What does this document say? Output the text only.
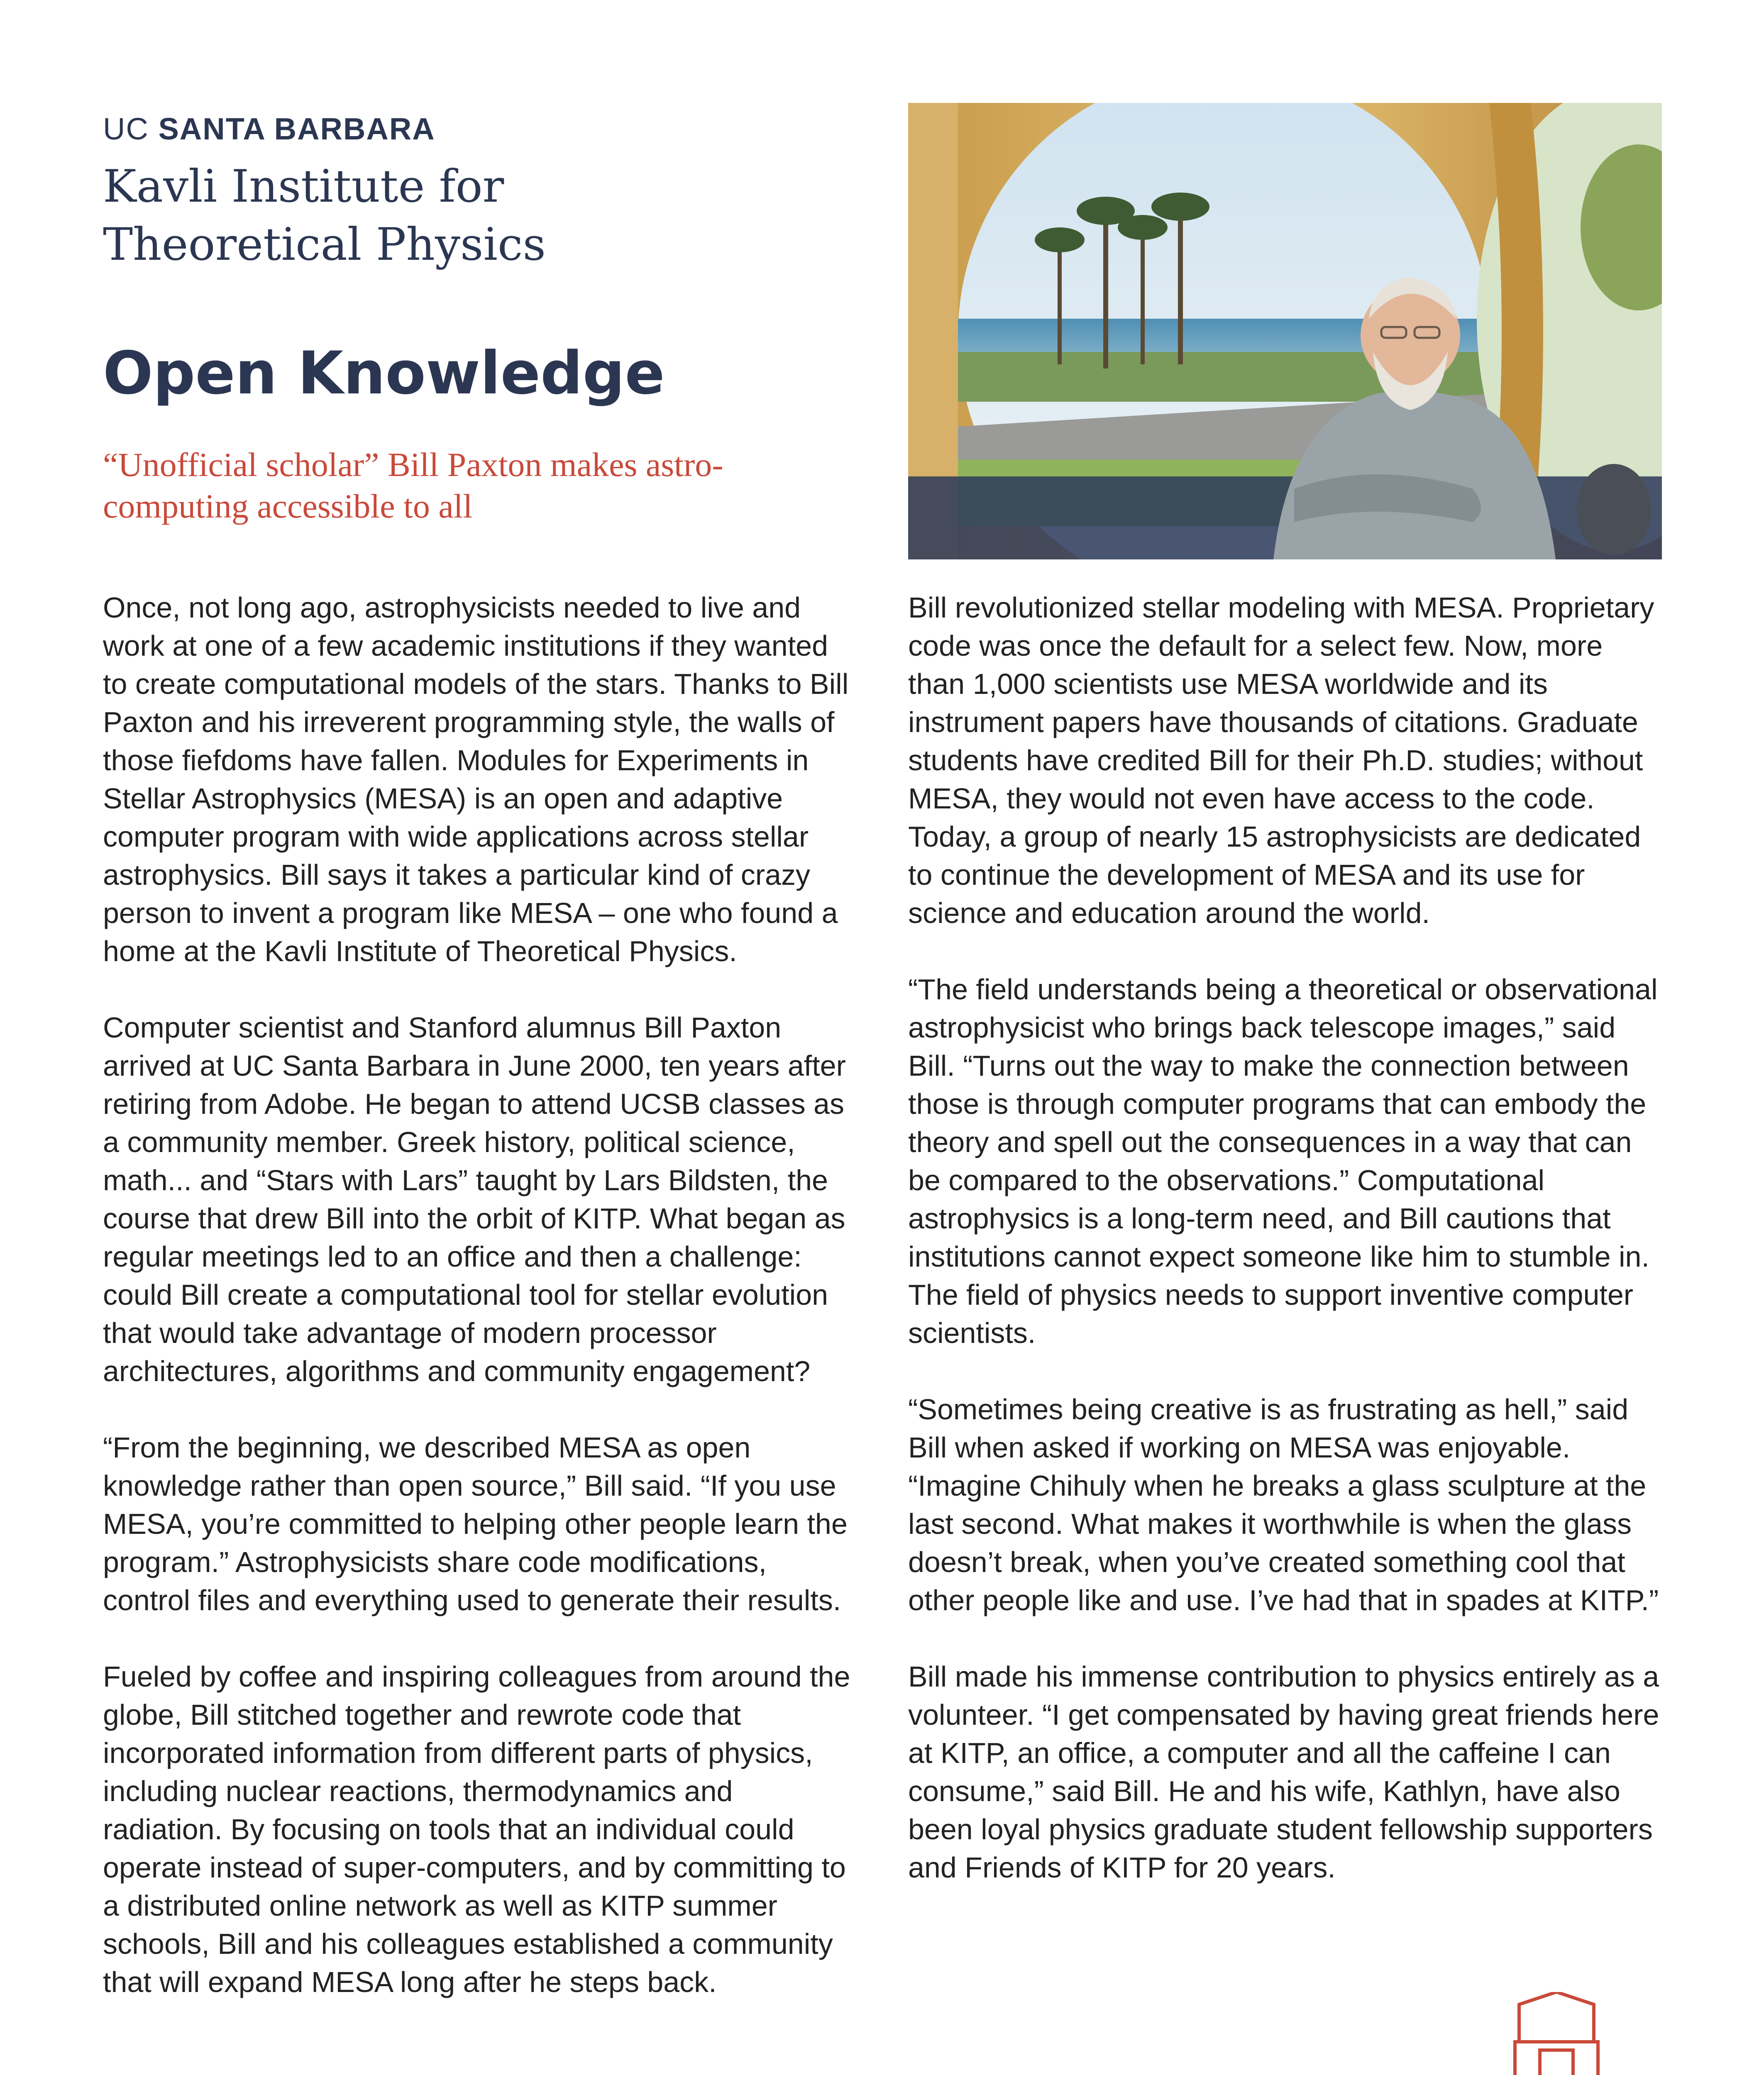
UC SANTA BARBARA
Kavli Institute for
Theoretical Physics
Open Knowledge

“Unofficial scholar” Bill Paxton makes astro-computing accessible to all

Once, not long ago, astrophysicists needed to live and work at one of a few academic institutions if they wanted to create computational models of the stars. Thanks to Bill Paxton and his irreverent programming style, the walls of those fiefdoms have fallen. Modules for Experiments in Stellar Astrophysics (MESA) is an open and adaptive computer program with wide applications across stellar astrophysics. Bill says it takes a particular kind of crazy person to invent a program like MESA – one who found a home at the Kavli Institute of Theoretical Physics.

Computer scientist and Stanford alumnus Bill Paxton arrived at UC Santa Barbara in June 2000, ten years after retiring from Adobe. He began to attend UCSB classes as a community member. Greek history, political science, math... and “Stars with Lars” taught by Lars Bildsten, the course that drew Bill into the orbit of KITP. What began as regular meetings led to an office and then a challenge: could Bill create a computational tool for stellar evolution that would take advantage of modern processor architectures, algorithms and community engagement?

“From the beginning, we described MESA as open knowledge rather than open source,” Bill said. “If you use MESA, you’re committed to helping other people learn the program.” Astrophysicists share code modifications, control files and everything used to generate their results.

Fueled by coffee and inspiring colleagues from around the globe, Bill stitched together and rewrote code that incorporated information from different parts of physics, including nuclear reactions, thermodynamics and radiation. By focusing on tools that an individual could operate instead of super-computers, and by committing to a distributed online network as well as KITP summer schools, Bill and his colleagues established a community that will expand MESA long after he steps back.

Bill revolutionized stellar modeling with MESA. Proprietary code was once the default for a select few. Now, more than 1,000 scientists use MESA worldwide and its instrument papers have thousands of citations. Graduate students have credited Bill for their Ph.D. studies; without MESA, they would not even have access to the code. Today, a group of nearly 15 astrophysicists are dedicated to continue the development of MESA and its use for science and education around the world.

“The field understands being a theoretical or observational astrophysicist who brings back telescope images,” said Bill. “Turns out the way to make the connection between those is through computer programs that can embody the theory and spell out the consequences in a way that can be compared to the observations.” Computational astrophysics is a long-term need, and Bill cautions that institutions cannot expect someone like him to stumble in. The field of physics needs to support inventive computer scientists.

“Sometimes being creative is as frustrating as hell,” said Bill when asked if working on MESA was enjoyable. “Imagine Chihuly when he breaks a glass sculpture at the last second. What makes it worthwhile is when the glass doesn’t break, when you’ve created something cool that other people like and use. I’ve had that in spades at KITP.”

Bill made his immense contribution to physics entirely as a volunteer. “I get compensated by having great friends here at KITP, an office, a computer and all the caffeine I can consume,” said Bill. He and his wife, Kathlyn, have also been loyal physics graduate student fellowship supporters and Friends of KITP for 20 years.
